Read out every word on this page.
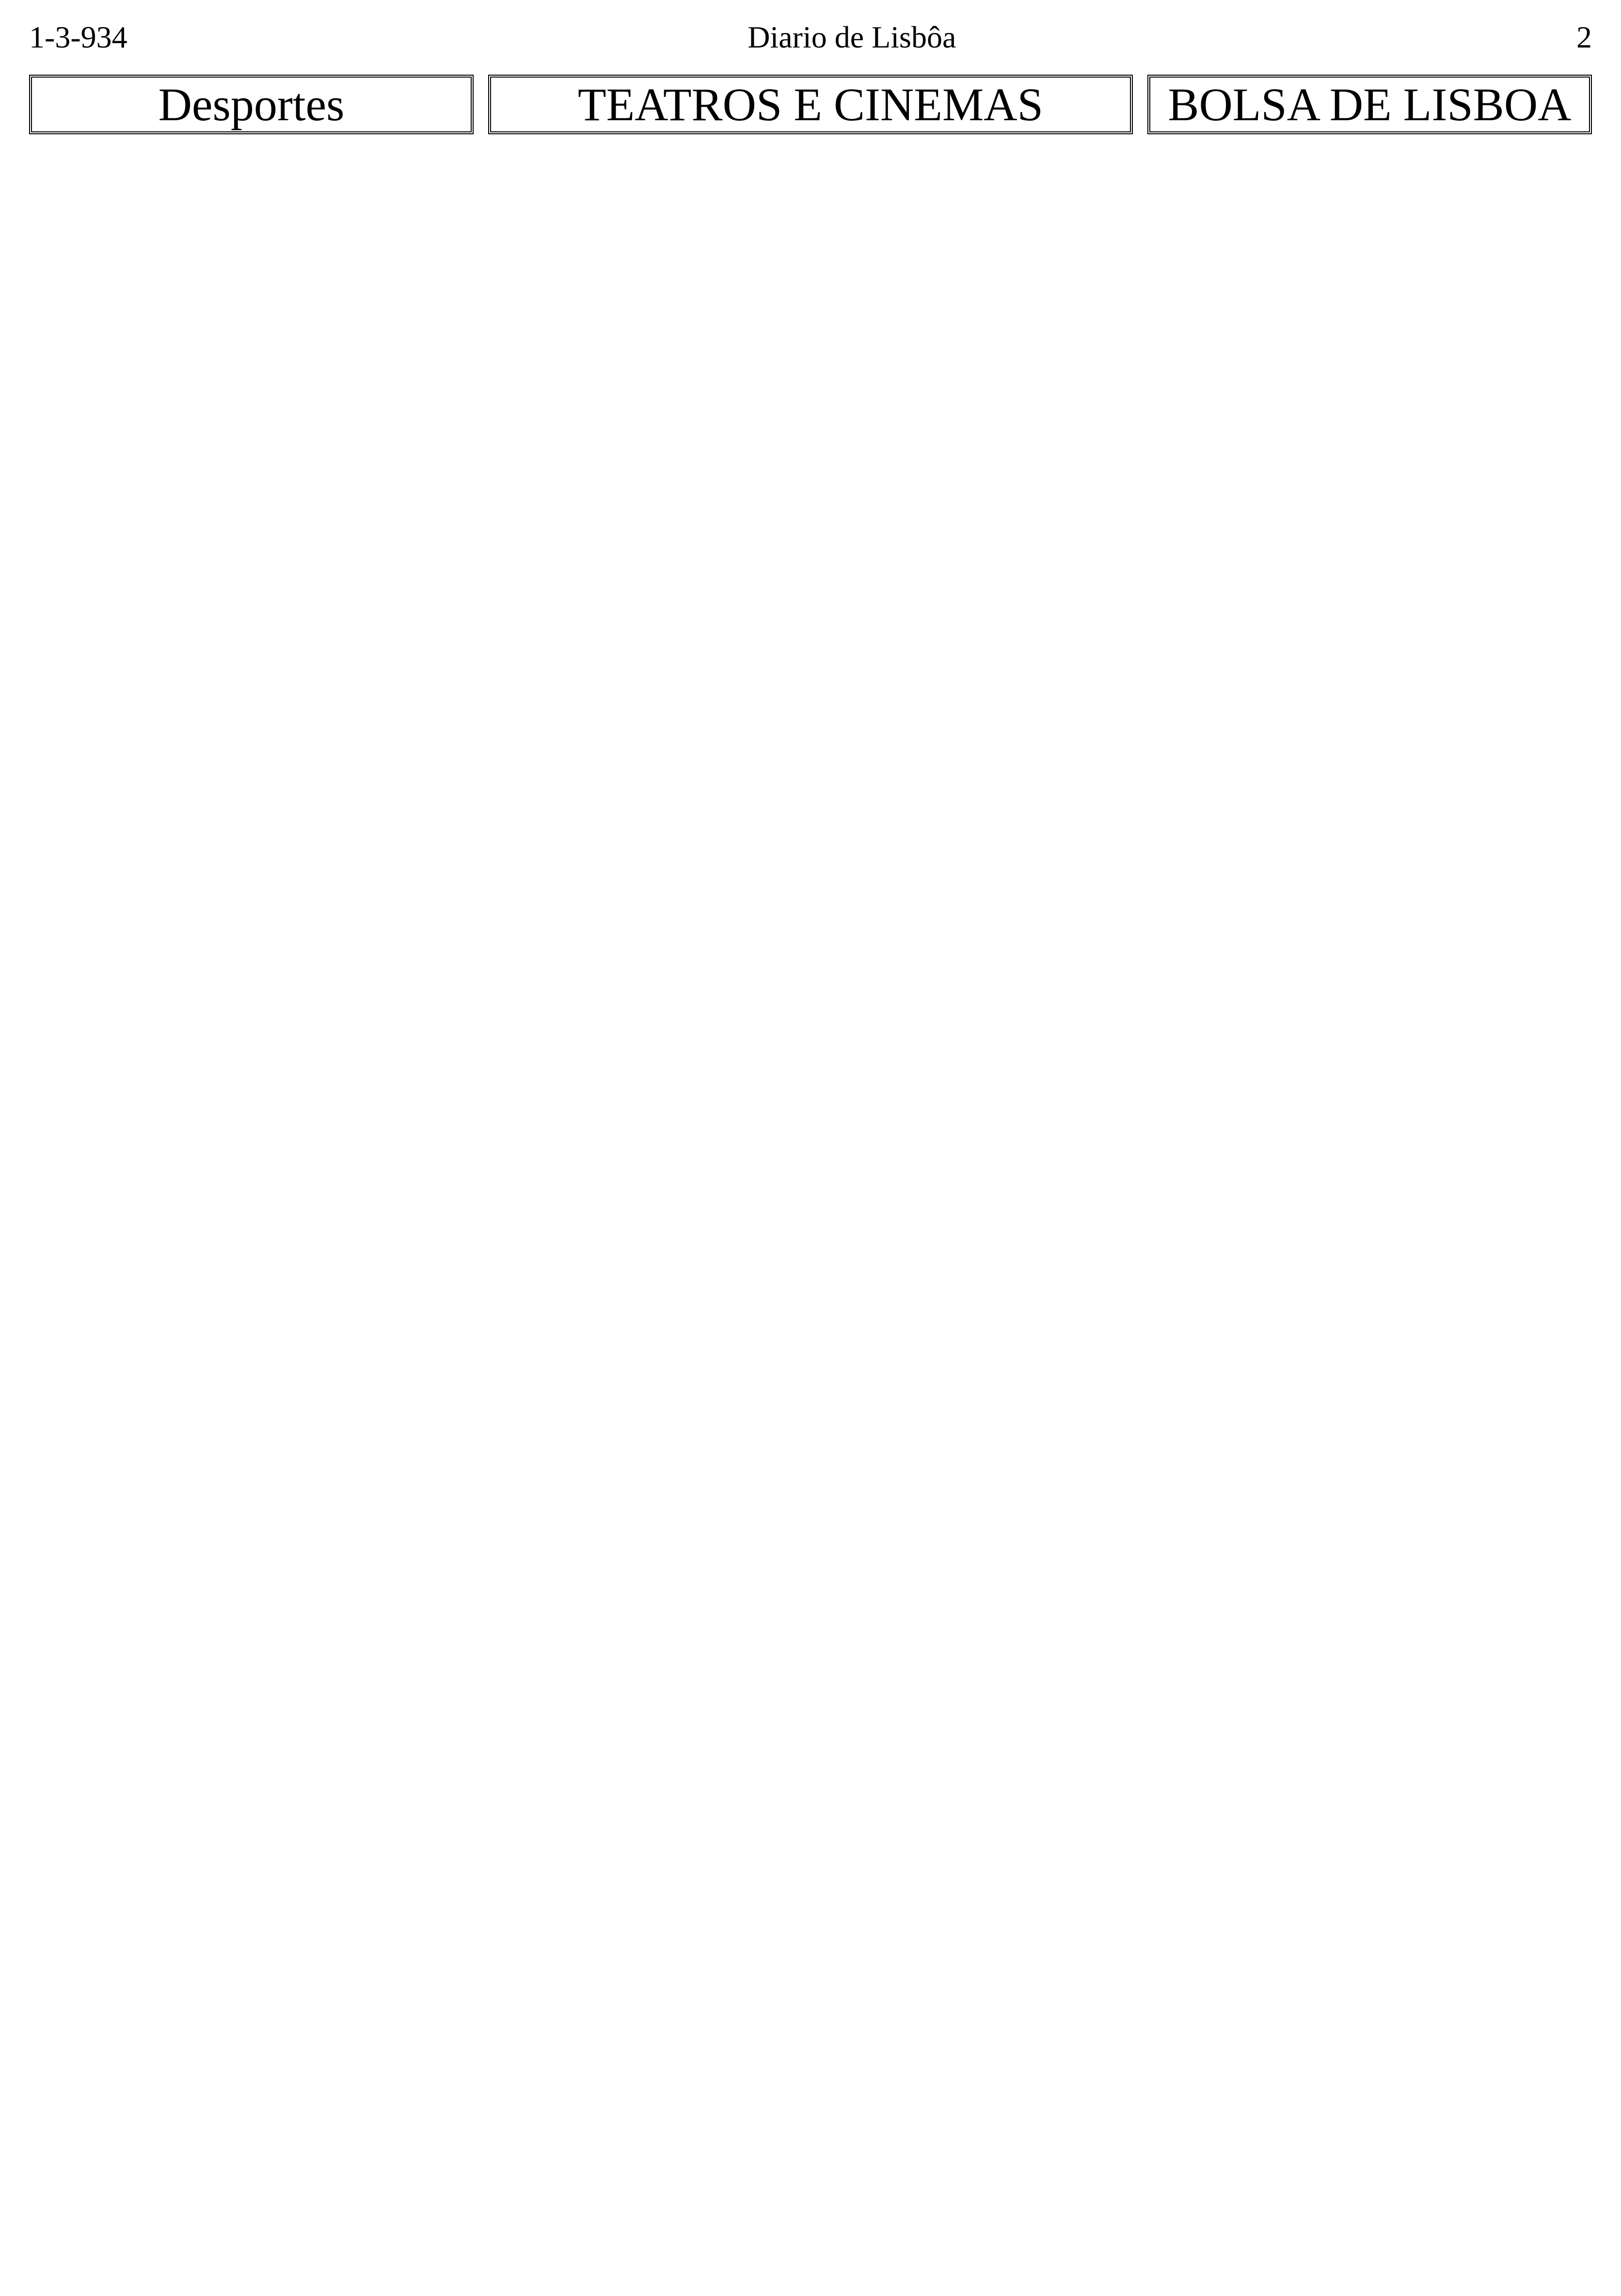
1-3-934	Diario de Lisbôa	2
Desportes	TEATROS E CINEMAS	BOLSA DE LISBOA
